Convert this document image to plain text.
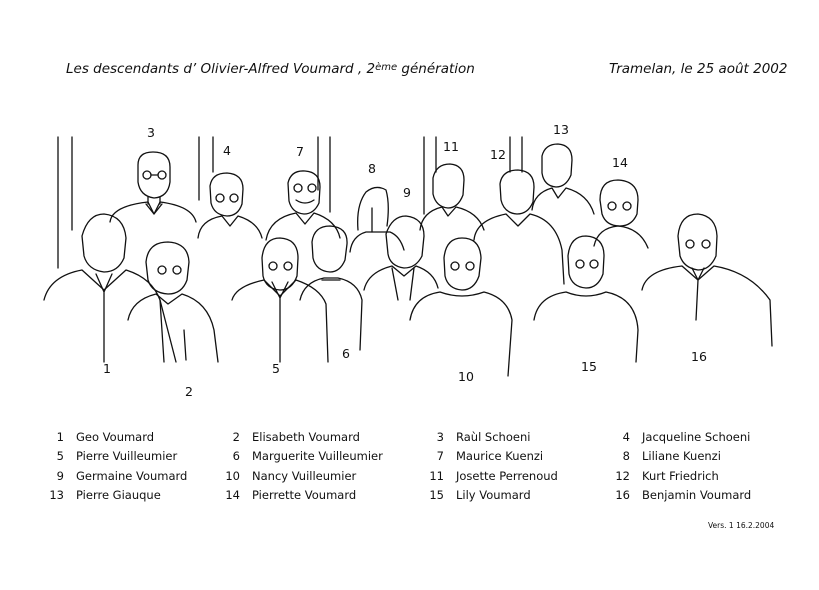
Les descendants d’ Olivier-Alfred Voumard , 2ème génération	Tramelan, le 25 août 2002
1
2
3
4
5
6
7
8
9
10
11
12
13
14
15
16
1 Geo Voumard	2 Elisabeth Voumard	3 Raùl Schoeni	4 Jacqueline Schoeni
5 Pierre Vuilleumier	6 Marguerite Vuilleumier	7 Maurice Kuenzi	8 Liliane Kuenzi
9 Germaine Voumard	10 Nancy Vuilleumier	11 Josette Perrenoud	12 Kurt Friedrich
13 Pierre Giauque	14 Pierrette Voumard	15 Lily Voumard	16 Benjamin Voumard
Vers. 1 16.2.2004
